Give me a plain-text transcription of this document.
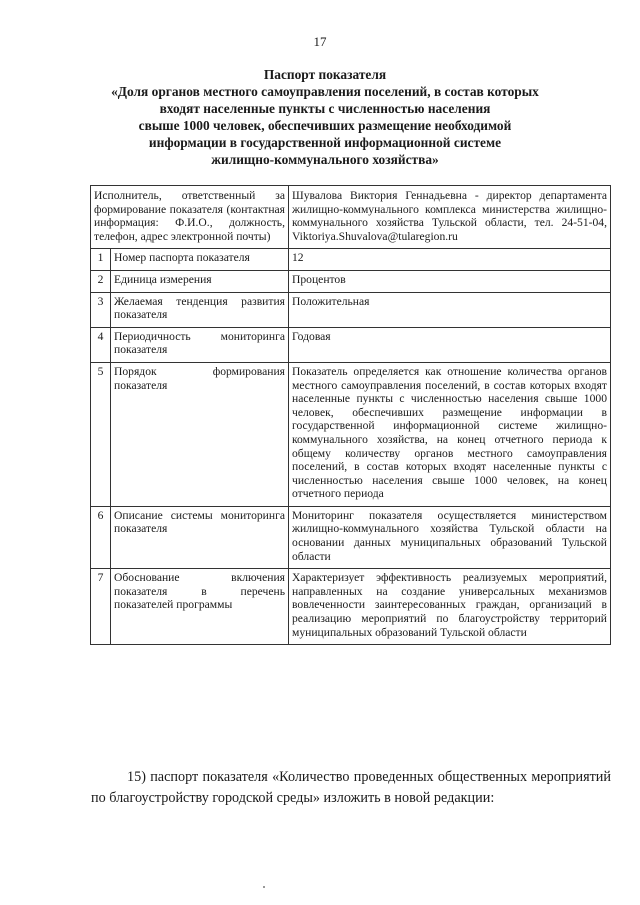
17
Паспорт показателя
«Доля органов местного самоуправления поселений, в состав которых
входят населенные пункты с численностью населения
свыше 1000 человек, обеспечивших размещение необходимой
информации в государственной информационной системе
жилищно-коммунального хозяйства»
Исполнитель, ответственный за формирование показателя (контактная информация: Ф.И.О., должность, телефон, адрес электронной почты)		Шувалова Виктория Геннадьевна - директор департамента жилищно-коммунального комплекса министерства жилищно-коммунального хозяйства Тульской области, тел. 24-51-04, Viktoriya.Shuvalova@tularegion.ru
1	Номер паспорта показателя	12
2	Единица измерения	Процентов
3	Желаемая тенденция развития показателя	Положительная
4	Периодичность мониторинга показателя	Годовая
5	Порядок формирования показателя	Показатель определяется как отношение количества органов местного самоуправления поселений, в состав которых входят населенные пункты с численностью населения свыше 1000 человек, обеспечивших размещение информации в государственной информационной системе жилищно-коммунального хозяйства, на конец отчетного периода к общему количеству органов местного самоуправления поселений, в состав которых входят населенные пункты с численностью населения свыше 1000 человек, на конец отчетного периода
6	Описание системы мониторинга показателя	Мониторинг показателя осуществляется министерством жилищно-коммунального хозяйства Тульской области на основании данных муниципальных образований Тульской области
7	Обоснование включения показателя в перечень показателей программы	Характеризует эффективность реализуемых мероприятий, направленных на создание универсальных механизмов вовлеченности заинтересованных граждан, организаций в реализацию мероприятий по благоустройству территорий муниципальных образований Тульской области
15) паспорт показателя «Количество проведенных общественных мероприятий по благоустройству городской среды» изложить в новой редакции:
